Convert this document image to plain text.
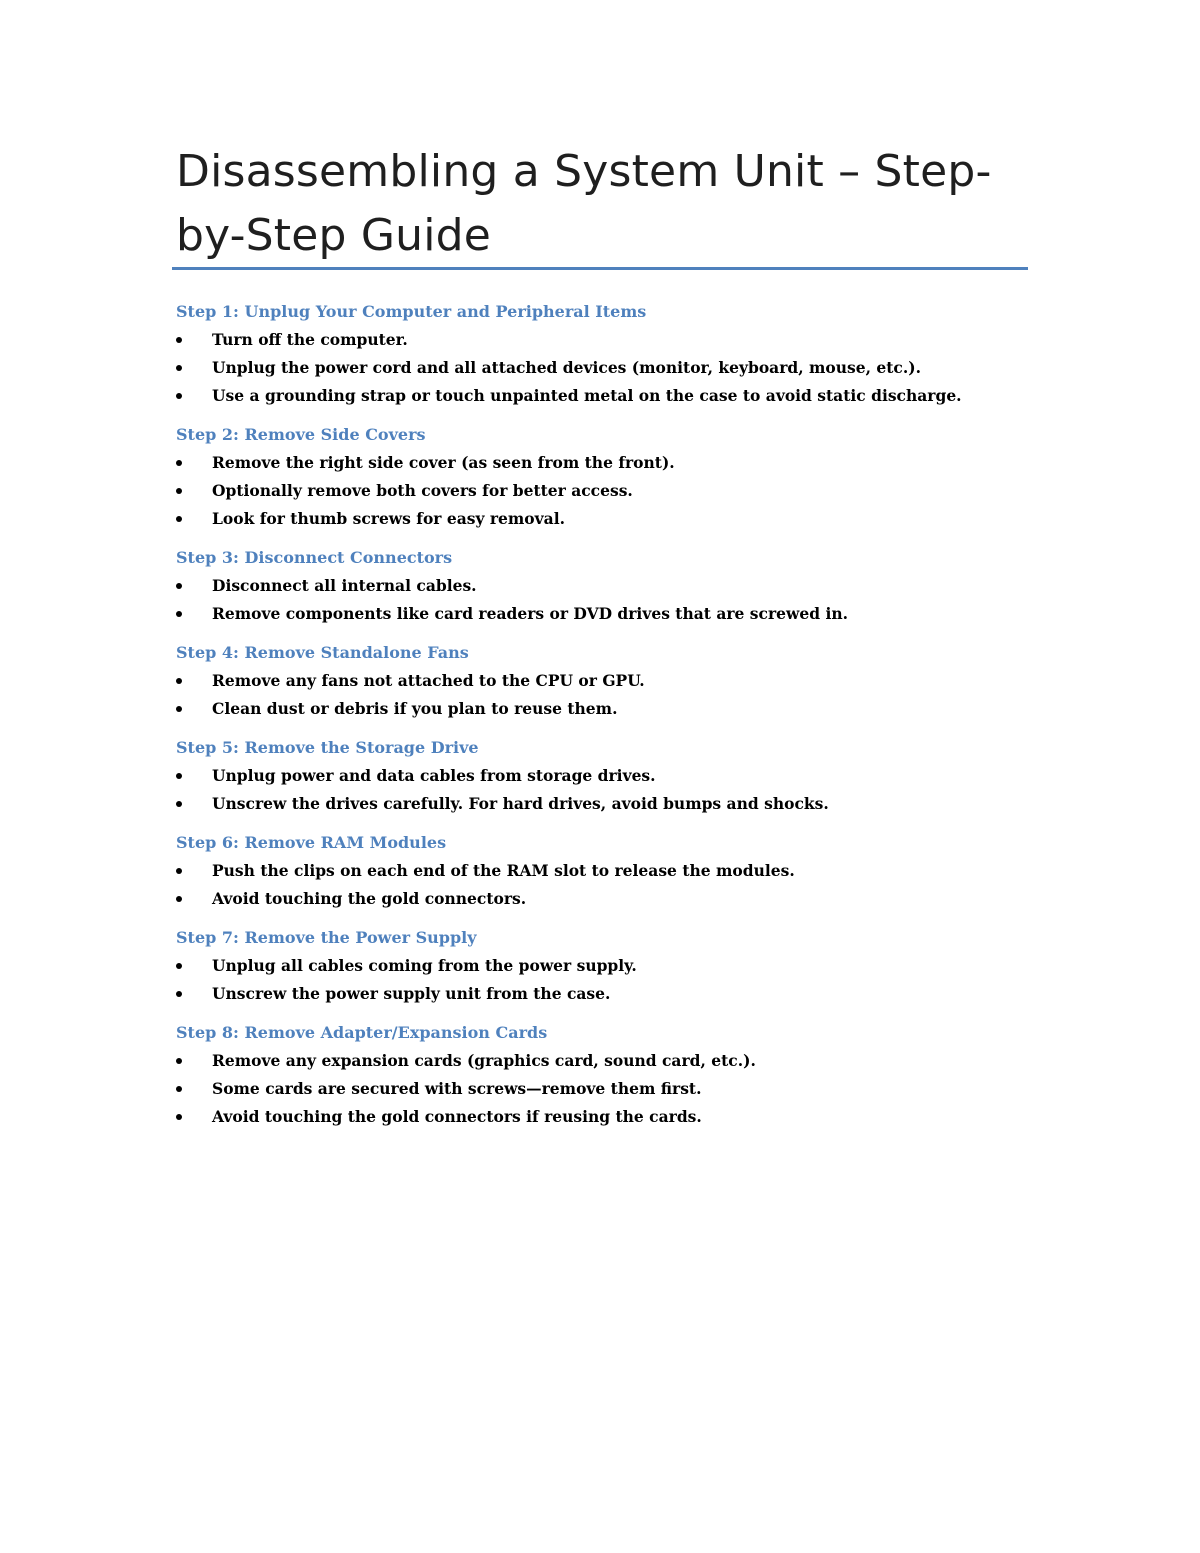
Disassembling a System Unit – Step-by-Step Guide
Step 1: Unplug Your Computer and Peripheral Items
Turn off the computer.
Unplug the power cord and all attached devices (monitor, keyboard, mouse, etc.).
Use a grounding strap or touch unpainted metal on the case to avoid static discharge.
Step 2: Remove Side Covers
Remove the right side cover (as seen from the front).
Optionally remove both covers for better access.
Look for thumb screws for easy removal.
Step 3: Disconnect Connectors
Disconnect all internal cables.
Remove components like card readers or DVD drives that are screwed in.
Step 4: Remove Standalone Fans
Remove any fans not attached to the CPU or GPU.
Clean dust or debris if you plan to reuse them.
Step 5: Remove the Storage Drive
Unplug power and data cables from storage drives.
Unscrew the drives carefully. For hard drives, avoid bumps and shocks.
Step 6: Remove RAM Modules
Push the clips on each end of the RAM slot to release the modules.
Avoid touching the gold connectors.
Step 7: Remove the Power Supply
Unplug all cables coming from the power supply.
Unscrew the power supply unit from the case.
Step 8: Remove Adapter/Expansion Cards
Remove any expansion cards (graphics card, sound card, etc.).
Some cards are secured with screws—remove them first.
Avoid touching the gold connectors if reusing the cards.
